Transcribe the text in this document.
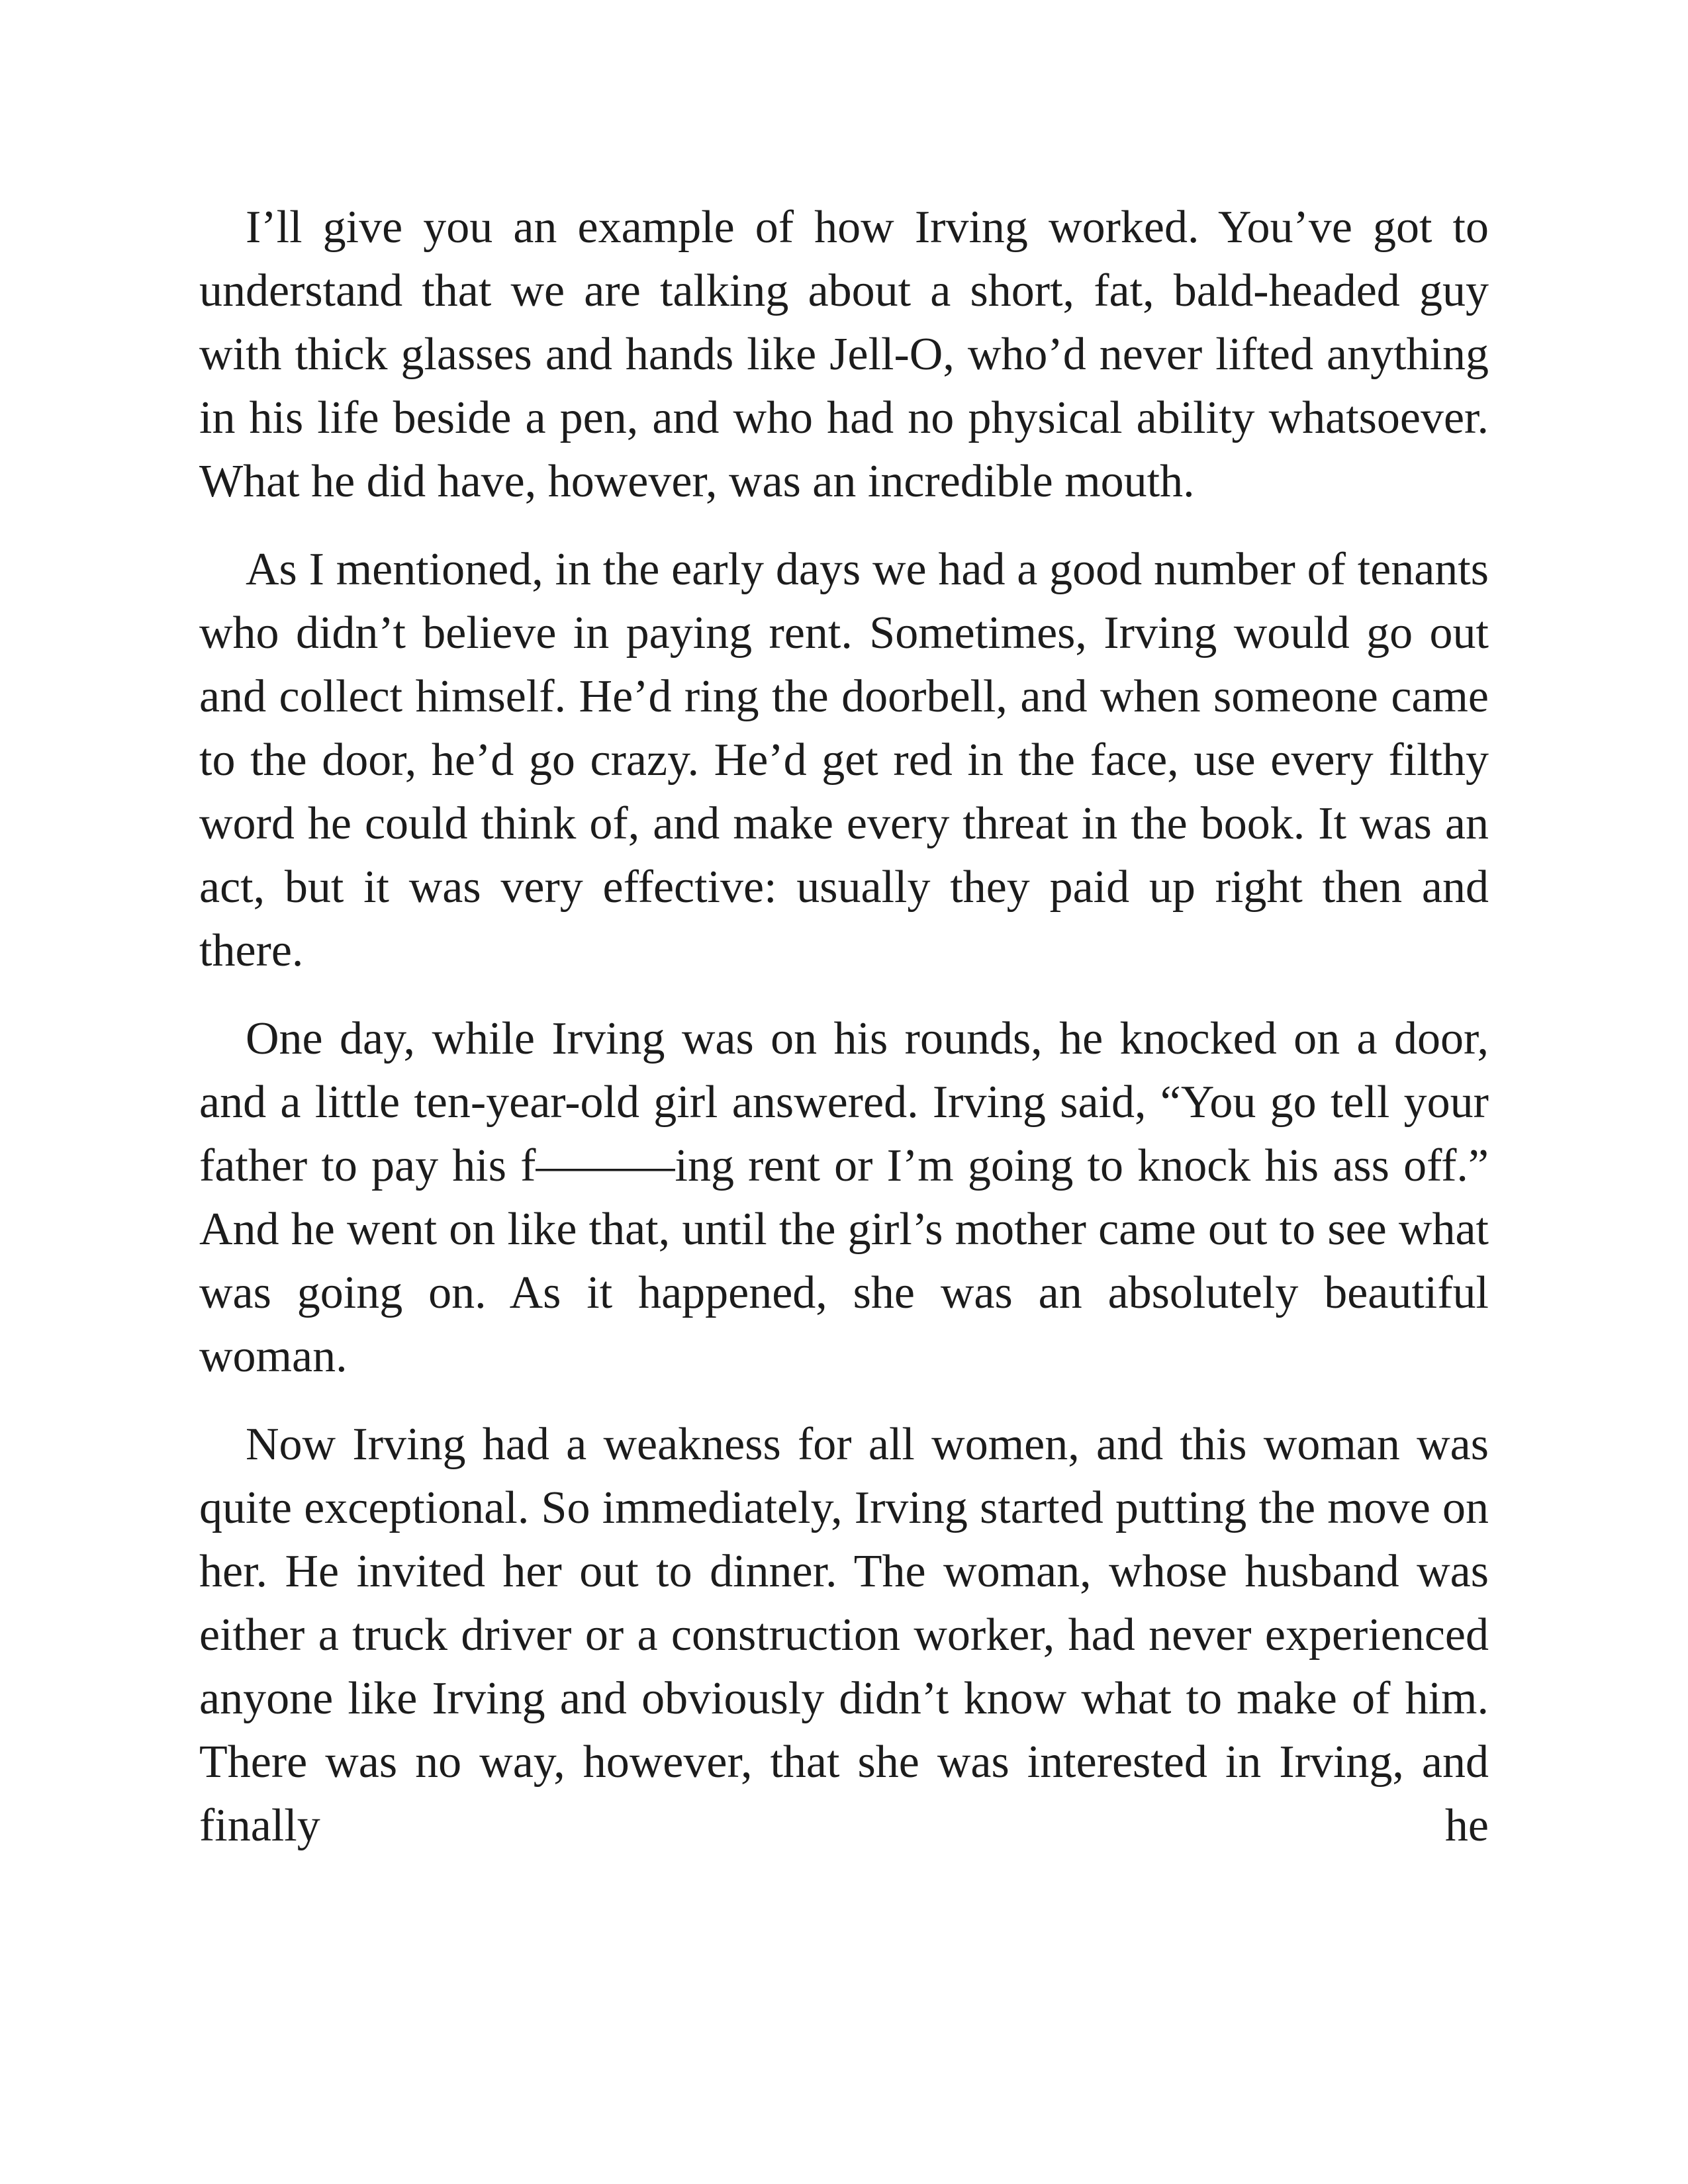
I’ll give you an example of how Irving worked. You’ve got to understand that we are talking about a short, fat, bald-headed guy with thick glasses and hands like Jell-O, who’d never lifted anything in his life beside a pen, and who had no physical ability whatsoever. What he did have, however, was an incredible mouth.

As I mentioned, in the early days we had a good number of tenants who didn’t believe in paying rent. Sometimes, Irving would go out and collect himself. He’d ring the doorbell, and when someone came to the door, he’d go crazy. He’d get red in the face, use every filthy word he could think of, and make every threat in the book. It was an act, but it was very effective: usually they paid up right then and there.

One day, while Irving was on his rounds, he knocked on a door, and a little ten-year-old girl answered. Irving said, “You go tell your father to pay his f———ing rent or I’m going to knock his ass off.” And he went on like that, until the girl’s mother came out to see what was going on. As it happened, she was an absolutely beautiful woman.

Now Irving had a weakness for all women, and this woman was quite exceptional. So immediately, Irving started putting the move on her. He invited her out to dinner. The woman, whose husband was either a truck driver or a construction worker, had never experienced anyone like Irving and obviously didn’t know what to make of him. There was no way, however, that she was interested in Irving, and finally he
